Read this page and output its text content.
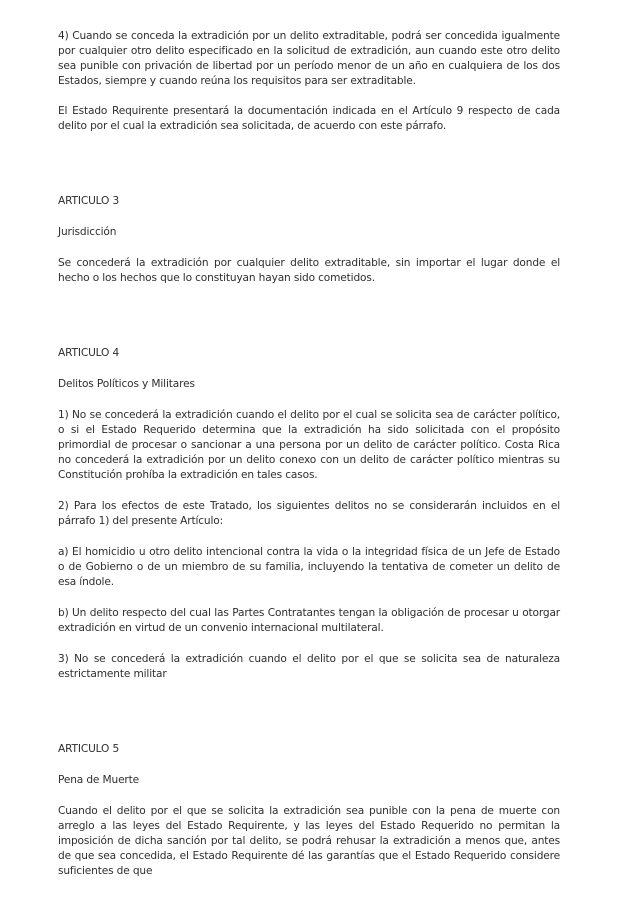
4) Cuando se conceda la extradición por un delito extraditable, podrá ser concedida igualmente por cualquier otro delito especificado en la solicitud de extradición, aun cuando este otro delito sea punible con privación de libertad por un período menor de un año en cualquiera de los dos Estados, siempre y cuando reúna los requisitos para ser extraditable.

El Estado Requirente presentará la documentación indicada en el Artículo 9 respecto de cada delito por el cual la extradición sea solicitada, de acuerdo con este párrafo.

ARTICULO 3

Jurisdicción

Se concederá la extradición por cualquier delito extraditable, sin importar el lugar donde el hecho o los hechos que lo constituyan hayan sido cometidos.

ARTICULO 4

Delitos Políticos y Militares

1) No se concederá la extradición cuando el delito por el cual se solicita sea de carácter político, o si el Estado Requerido determina que la extradición ha sido solicitada con el propósito primordial de procesar o sancionar a una persona por un delito de carácter político. Costa Rica no concederá la extradición por un delito conexo con un delito de carácter político mientras su Constitución prohíba la extradición en tales casos.

2) Para los efectos de este Tratado, los siguientes delitos no se considerarán incluidos en el párrafo 1) del presente Artículo:

a) El homicidio u otro delito intencional contra la vida o la integridad física de un Jefe de Estado o de Gobierno o de un miembro de su familia, incluyendo la tentativa de cometer un delito de esa índole.

b) Un delito respecto del cual las Partes Contratantes tengan la obligación de procesar u otorgar extradición en virtud de un convenio internacional multilateral.

3) No se concederá la extradición cuando el delito por el que se solicita sea de naturaleza estrictamente militar

ARTICULO 5

Pena de Muerte

Cuando el delito por el que se solicita la extradición sea punible con la pena de muerte con arreglo a las leyes del Estado Requirente, y las leyes del Estado Requerido no permitan la imposición de dicha sanción por tal delito, se podrá rehusar la extradición a menos que, antes de que sea concedida, el Estado Requirente dé las garantías que el Estado Requerido considere suficientes de que
